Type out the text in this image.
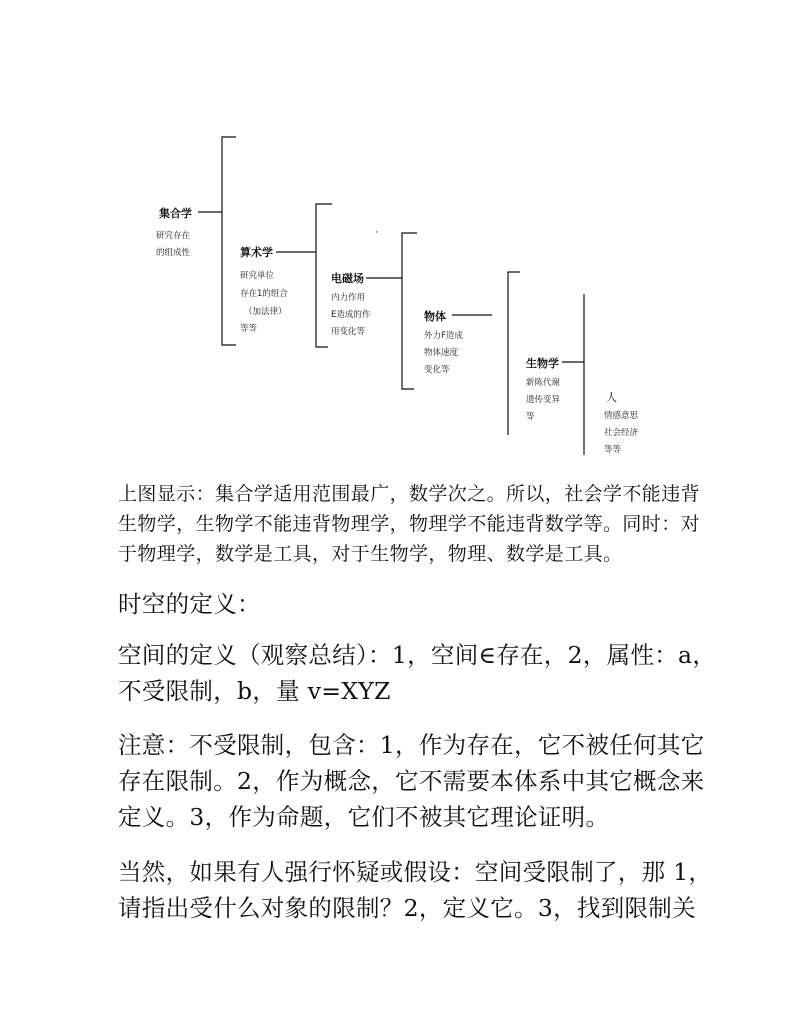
集合学
研究存在
的组成性	算术学
研究单位
存在1的组合
（加法律）
等等
电磁场
内力作用
E造成的作
用变化等
物体
外力F造成
物体速度
变化等	生物学
新陈代谢
遗传变异
等
人
情感意思
社会经济
等等
上图显示：集合学适用范围最广，数学次之。所以，社会学不能违背
生物学，生物学不能违背物理学，物理学不能违背数学等。同时：对
于物理学，数学是工具，对于生物学，物理、数学是工具。
时空的定义：
空间的定义（观察总结）：1，空间∈存在，2，属性：a，
不受限制，b，量 v=XYZ
注意：不受限制，包含：1，作为存在，它不被任何其它
存在限制。2，作为概念，它不需要本体系中其它概念来
定义。3，作为命题，它们不被其它理论证明。
当然，如果有人强行怀疑或假设：空间受限制了，那 1，
请指出受什么对象的限制？2，定义它。3，找到限制关
